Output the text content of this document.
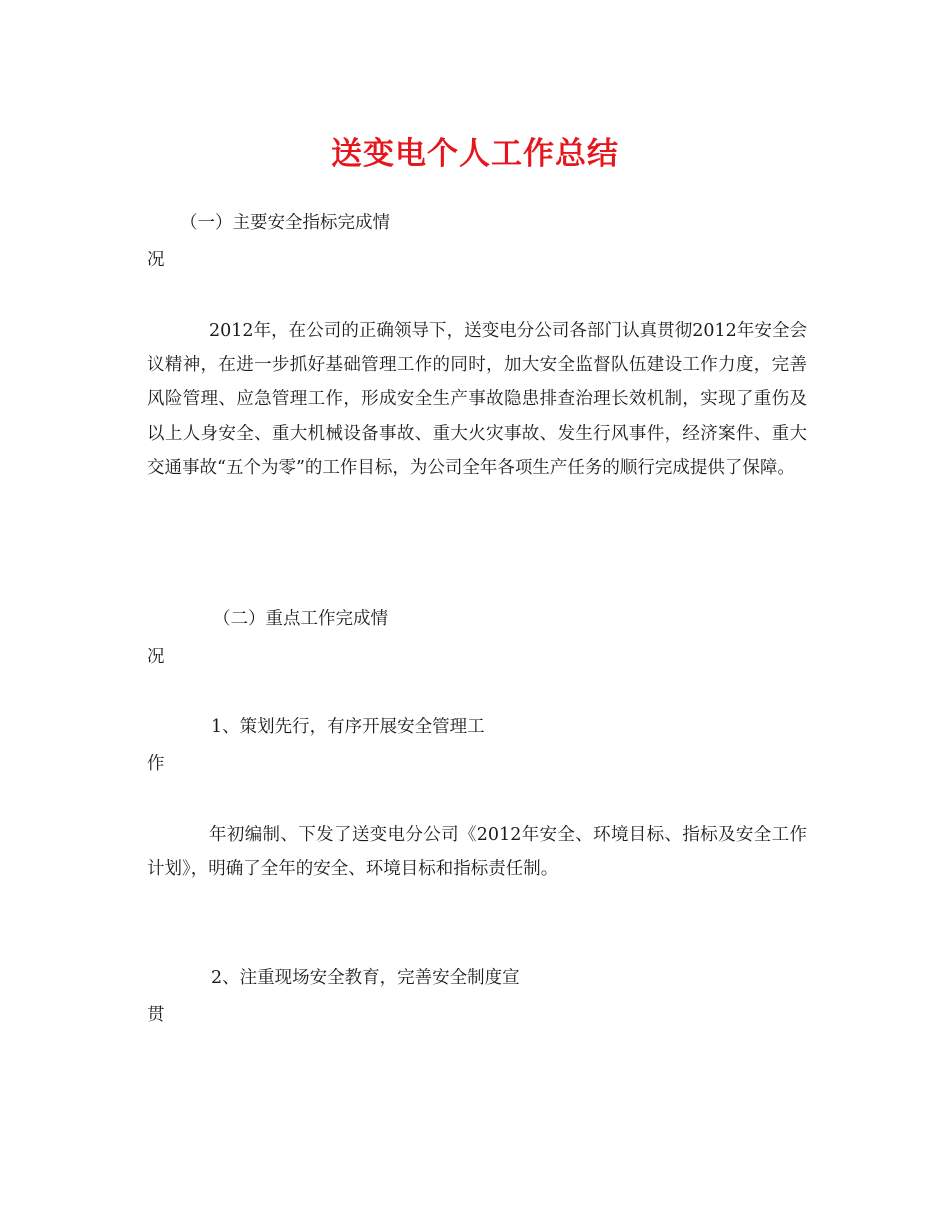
送变电个人工作总结
（一）主要安全指标完成情
况
2012年，在公司的正确领导下，送变电分公司各部门认真贯彻2012年安全会议精神，在进一步抓好基础管理工作的同时，加大安全监督队伍建设工作力度，完善风险管理、应急管理工作，形成安全生产事故隐患排查治理长效机制，实现了重伤及以上人身安全、重大机械设备事故、重大火灾事故、发生行风事件，经济案件、重大交通事故“五个为零”的工作目标，为公司全年各项生产任务的顺行完成提供了保障。
（二）重点工作完成情
况
1、策划先行，有序开展安全管理工
作
年初编制、下发了送变电分公司《2012年安全、环境目标、指标及安全工作计划》，明确了全年的安全、环境目标和指标责任制。
2、注重现场安全教育，完善安全制度宣
贯
